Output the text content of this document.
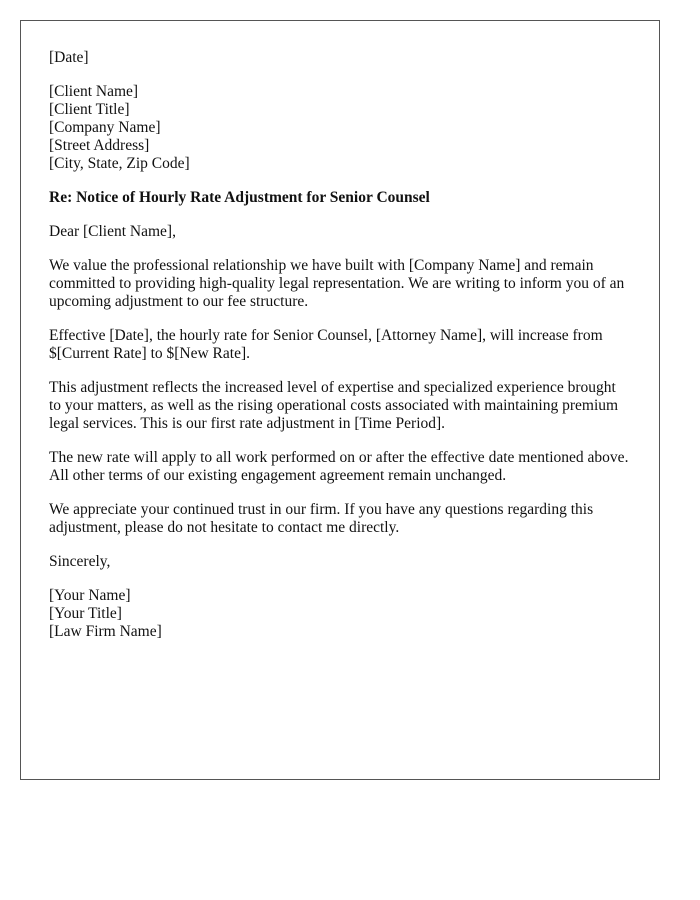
[Date]
[Client Name]
[Client Title]
[Company Name]
[Street Address]
[City, State, Zip Code]

Re: Notice of Hourly Rate Adjustment for Senior Counsel

Dear [Client Name],

We value the professional relationship we have built with [Company Name] and remain committed to providing high-quality legal representation. We are writing to inform you of an upcoming adjustment to our fee structure.

Effective [Date], the hourly rate for Senior Counsel, [Attorney Name], will increase from $[Current Rate] to $[New Rate].

This adjustment reflects the increased level of expertise and specialized experience brought to your matters, as well as the rising operational costs associated with maintaining premium legal services. This is our first rate adjustment in [Time Period].

The new rate will apply to all work performed on or after the effective date mentioned above. All other terms of our existing engagement agreement remain unchanged.

We appreciate your continued trust in our firm. If you have any questions regarding this adjustment, please do not hesitate to contact me directly.

Sincerely,

[Your Name]
[Your Title]
[Law Firm Name]
